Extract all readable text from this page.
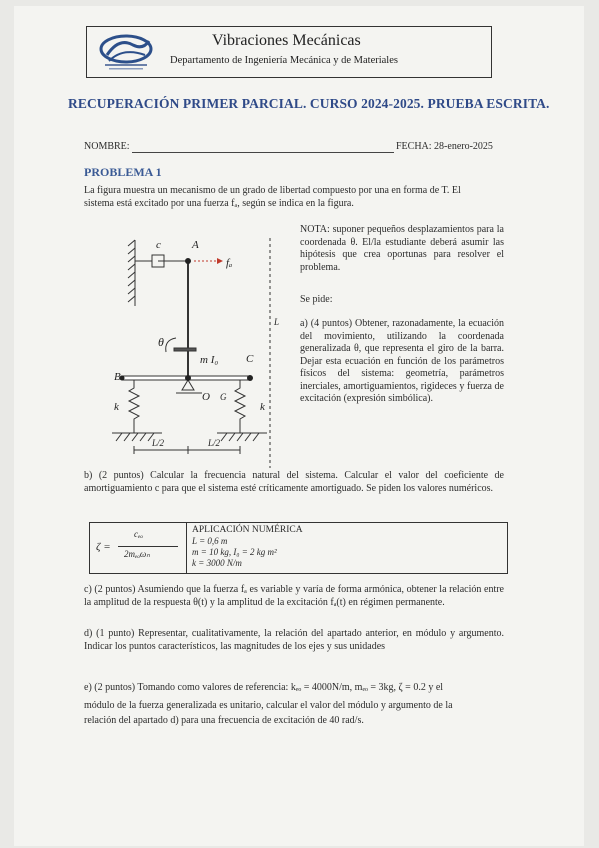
Vibraciones Mecánicas
Departamento de Ingeniería Mecánica y de Materiales
RECUPERACIÓN PRIMER PARCIAL. CURSO 2024-2025. PRUEBA ESCRITA.
NOMBRE:	FECHA: 28-enero-2025
PROBLEMA 1
La figura muestra un mecanismo de un grado de libertad compuesto por una en forma de T. El
sistema está excitado por una fuerza fₐ, según se indica en la figura.
c	A
fₐ
L
θ
m I₀	C
B
O G
k	k
L/2	L/2
NOTA: suponer pequeños desplazamientos para la coordenada θ. El/la estudiante deberá asumir las hipótesis que crea oportunas para resolver el problema.
Se pide:
a) (4 puntos) Obtener, razonadamente, la ecuación del movimiento, utilizando la coordenada generalizada θ, que representa el giro de la barra. Dejar esta ecuación en función de los parámetros físicos del sistema: geometría, parámetros inerciales, amortiguamientos, rigideces y fuerza de excitación (expresión simbólica).
b) (2 puntos) Calcular la frecuencia natural del sistema. Calcular el valor del coeficiente de amortiguamiento c para que el sistema esté críticamente amortiguado. Se piden los valores numéricos.
ζ =
cₑₒ
2mₑₒωₙ
APLICACIÓN NUMÉRICA
L = 0,6 m
m = 10 kg, I₀ = 2 kg m²
k = 3000 N/m
c) (2 puntos) Asumiendo que la fuerza fₐ es variable y varía de forma armónica, obtener la relación entre la amplitud de la respuesta θ(t) y la amplitud de la excitación fₐ(t) en régimen permanente.
d) (1 punto) Representar, cualitativamente, la relación del apartado anterior, en módulo y argumento. Indicar los puntos característicos, las magnitudes de los ejes y sus unidades
e) (2 puntos) Tomando como valores de referencia: kₑₒ = 4000N/m, mₑₒ = 3kg, ζ = 0.2 y el
módulo de la fuerza generalizada es unitario, calcular el valor del módulo y argumento de la
relación del apartado d) para una frecuencia de excitación de 40 rad/s.
